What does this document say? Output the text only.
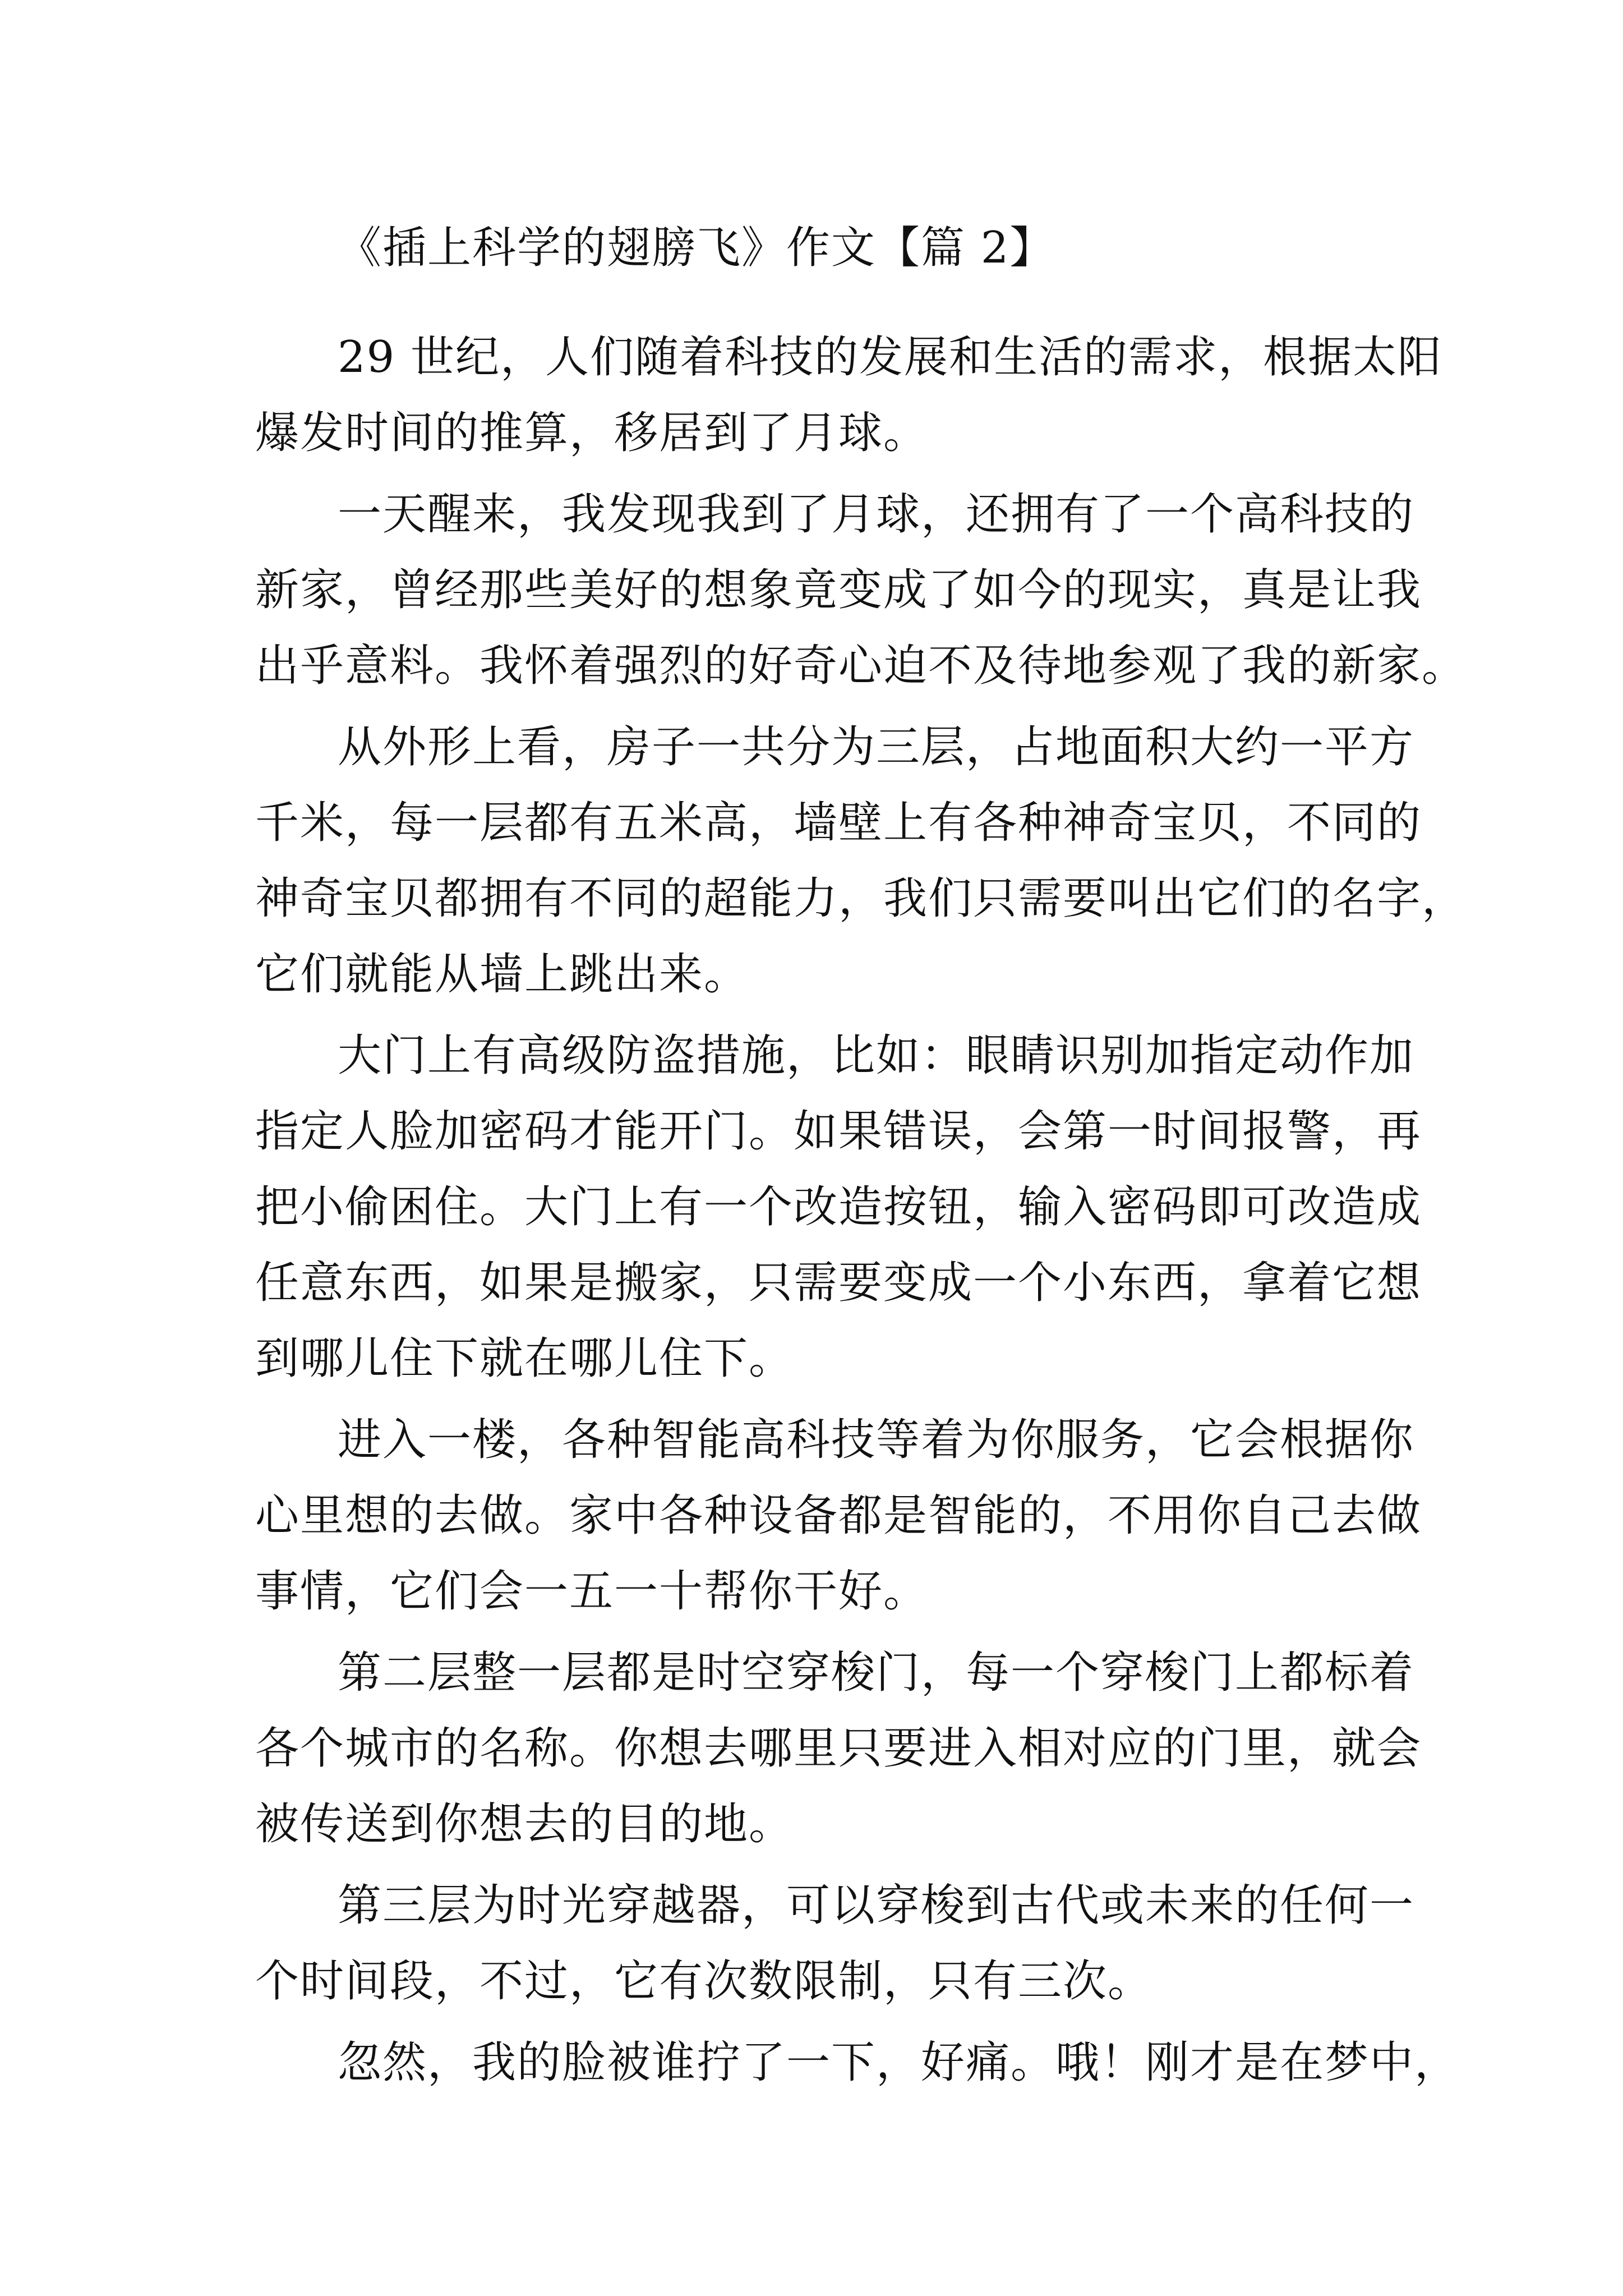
《插上科学的翅膀飞》作文【篇 2】
29 世纪，人们随着科技的发展和生活的需求，根据太阳
爆发时间的推算，移居到了月球。
一天醒来，我发现我到了月球，还拥有了一个高科技的
新家，曾经那些美好的想象竟变成了如今的现实，真是让我
出乎意料。我怀着强烈的好奇心迫不及待地参观了我的新家。
从外形上看，房子一共分为三层，占地面积大约一平方
千米，每一层都有五米高，墙壁上有各种神奇宝贝，不同的
神奇宝贝都拥有不同的超能力，我们只需要叫出它们的名字，
它们就能从墙上跳出来。
大门上有高级防盗措施，比如：眼睛识别加指定动作加
指定人脸加密码才能开门。如果错误，会第一时间报警，再
把小偷困住。大门上有一个改造按钮，输入密码即可改造成
任意东西，如果是搬家，只需要变成一个小东西，拿着它想
到哪儿住下就在哪儿住下。
进入一楼，各种智能高科技等着为你服务，它会根据你
心里想的去做。家中各种设备都是智能的，不用你自己去做
事情，它们会一五一十帮你干好。
第二层整一层都是时空穿梭门，每一个穿梭门上都标着
各个城市的名称。你想去哪里只要进入相对应的门里，就会
被传送到你想去的目的地。
第三层为时光穿越器，可以穿梭到古代或未来的任何一
个时间段，不过，它有次数限制，只有三次。
忽然，我的脸被谁拧了一下，好痛。哦！刚才是在梦中，
